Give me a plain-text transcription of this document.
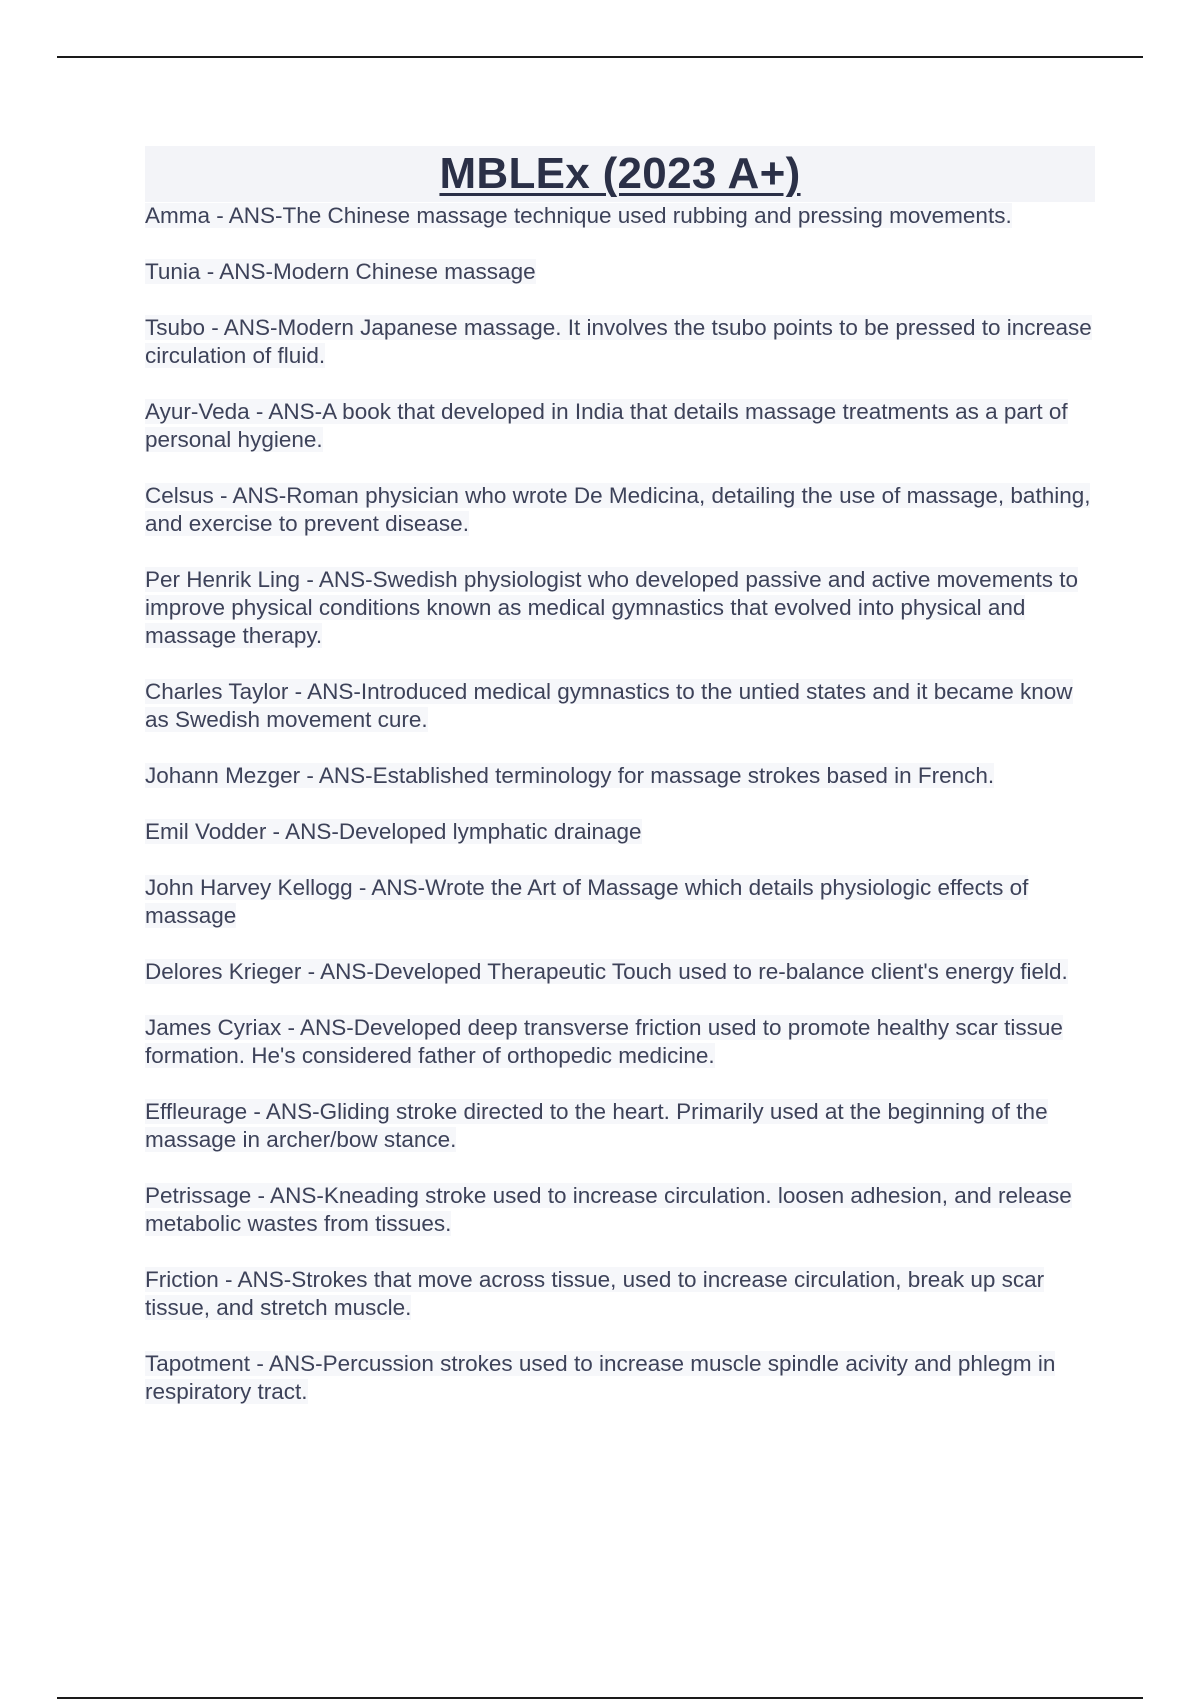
MBLEx (2023 A+)

Amma - ANS-The Chinese massage technique used rubbing and pressing movements.

Tunia - ANS-Modern Chinese massage

Tsubo - ANS-Modern Japanese massage. It involves the tsubo points to be pressed to increase circulation of fluid.

Ayur-Veda - ANS-A book that developed in India that details massage treatments as a part of personal hygiene.

Celsus - ANS-Roman physician who wrote De Medicina, detailing the use of massage, bathing, and exercise to prevent disease.

Per Henrik Ling - ANS-Swedish physiologist who developed passive and active movements to improve physical conditions known as medical gymnastics that evolved into physical and massage therapy.

Charles Taylor - ANS-Introduced medical gymnastics to the untied states and it became know as Swedish movement cure.

Johann Mezger - ANS-Established terminology for massage strokes based in French.

Emil Vodder - ANS-Developed lymphatic drainage

John Harvey Kellogg - ANS-Wrote the Art of Massage which details physiologic effects of massage

Delores Krieger - ANS-Developed Therapeutic Touch used to re-balance client's energy field.

James Cyriax - ANS-Developed deep transverse friction used to promote healthy scar tissue formation. He's considered father of orthopedic medicine.

Effleurage - ANS-Gliding stroke directed to the heart. Primarily used at the beginning of the massage in archer/bow stance.

Petrissage - ANS-Kneading stroke used to increase circulation. loosen adhesion, and release metabolic wastes from tissues.

Friction - ANS-Strokes that move across tissue, used to increase circulation, break up scar tissue, and stretch muscle.

Tapotment - ANS-Percussion strokes used to increase muscle spindle acivity and phlegm in respiratory tract.
